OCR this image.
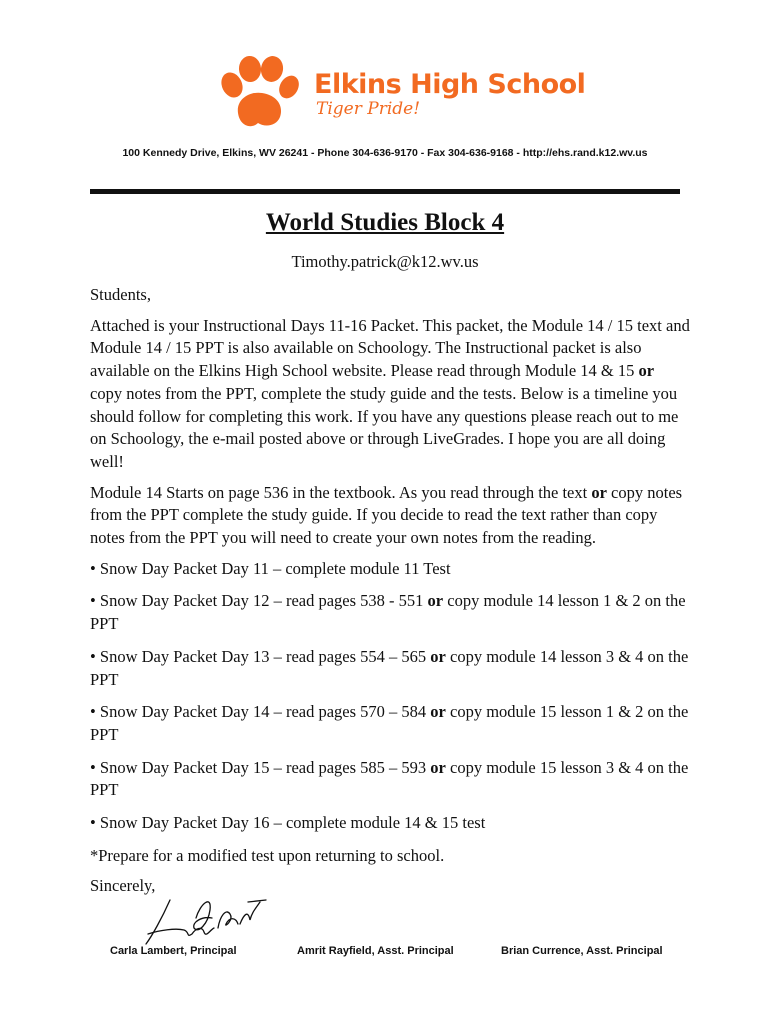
Elkins High School
Tiger Pride!
100 Kennedy Drive, Elkins, WV 26241 - Phone 304-636-9170 - Fax 304-636-9168 - http://ehs.rand.k12.wv.us
World Studies Block 4
Timothy.patrick@k12.wv.us

Students,

Attached is your Instructional Days 11-16 Packet. This packet, the Module 14 / 15 text and Module 14 / 15 PPT is also available on Schoology. The Instructional packet is also available on the Elkins High School website. Please read through Module 14 & 15 or copy notes from the PPT, complete the study guide and the tests. Below is a timeline you should follow for completing this work. If you have any questions please reach out to me on Schoology, the e-mail posted above or through LiveGrades. I hope you are all doing well!

Module 14 Starts on page 536 in the textbook. As you read through the text or copy notes from the PPT complete the study guide. If you decide to read the text rather than copy notes from the PPT you will need to create your own notes from the reading.

• Snow Day Packet Day 11 – complete module 11 Test

• Snow Day Packet Day 12 – read pages 538 - 551 or copy module 14 lesson 1 & 2 on the PPT

• Snow Day Packet Day 13 – read pages 554 – 565 or copy module 14 lesson 3 & 4 on the PPT

• Snow Day Packet Day 14 – read pages 570 – 584 or copy module 15 lesson 1 & 2 on the PPT

• Snow Day Packet Day 15 – read pages 585 – 593 or copy module 15 lesson 3 & 4 on the PPT

• Snow Day Packet Day 16 – complete module 14 & 15 test

*Prepare for a modified test upon returning to school.

Sincerely,

Carla Lambert, Principal	Amrit Rayfield, Asst. Principal	Brian Currence, Asst. Principal
